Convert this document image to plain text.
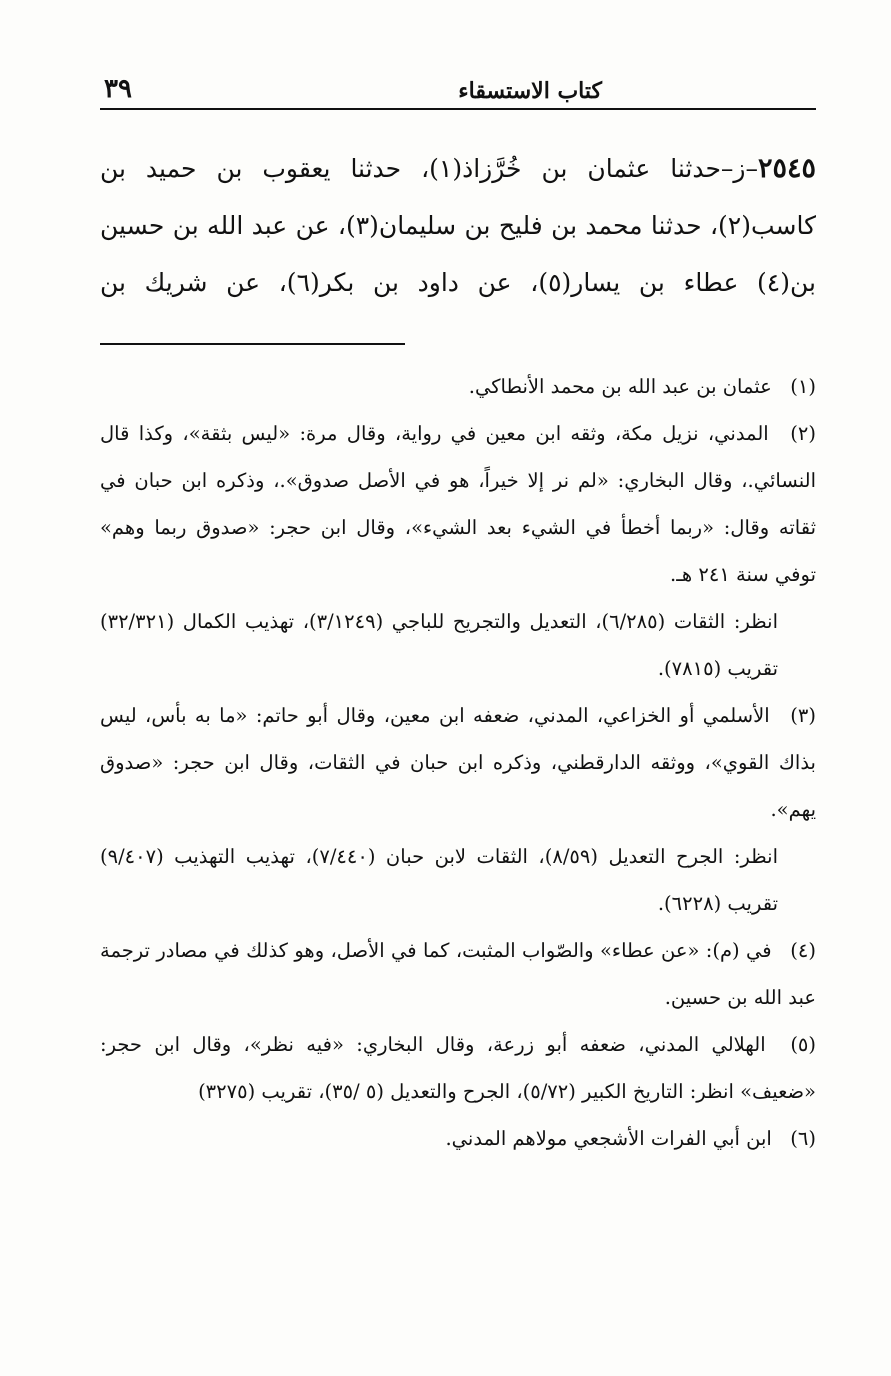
كتاب الاستسقاء
٣٩
٢٥٤٥–ز–حدثنا عثمان بن خُرَّزاذ(١)، حدثنا يعقوب بن حميد بن كاسب(٢)، حدثنا محمد بن فليح بن سليمان(٣)، عن عبد الله بن حسين بن(٤) عطاء بن يسار(٥)، عن داود بن بكر(٦)، عن شريك بن
(١) عثمان بن عبد الله بن محمد الأنطاكي.
(٢) المدني، نزيل مكة، وثقه ابن معين في رواية، وقال مرة: «ليس بثقة»، وكذا قال النسائي.، وقال البخاري: «لم نر إلا خيراً، هو في الأصل صدوق».، وذكره ابن حبان في ثقاته وقال: «ربما أخطأ في الشيء بعد الشيء»، وقال ابن حجر: «صدوق ربما وهم» توفي سنة ٢٤١ هـ.
انظر: الثقات (٦/٢٨٥)، التعديل والتجريح للباجي (٣/١٢٤٩)، تهذيب الكمال (٣٢/٣٢١) تقريب (٧٨١٥).
(٣) الأسلمي أو الخزاعي، المدني، ضعفه ابن معين، وقال أبو حاتم: «ما به بأس، ليس بذاك القوي»، ووثقه الدارقطني، وذكره ابن حبان في الثقات، وقال ابن حجر: «صدوق يهم».
انظر: الجرح التعديل (٨/٥٩)، الثقات لابن حبان (٧/٤٤٠)، تهذيب التهذيب (٩/٤٠٧) تقريب (٦٢٢٨).
(٤) في (م): «عن عطاء» والصّواب المثبت، كما في الأصل، وهو كذلك في مصادر ترجمة عبد الله بن حسين.
(٥) الهلالي المدني، ضعفه أبو زرعة، وقال البخاري: «فيه نظر»، وقال ابن حجر: «ضعيف» انظر: التاريخ الكبير (٥/٧٢)، الجرح والتعديل (٥ /٣٥)، تقريب (٣٢٧٥)
(٦) ابن أبي الفرات الأشجعي مولاهم المدني.
